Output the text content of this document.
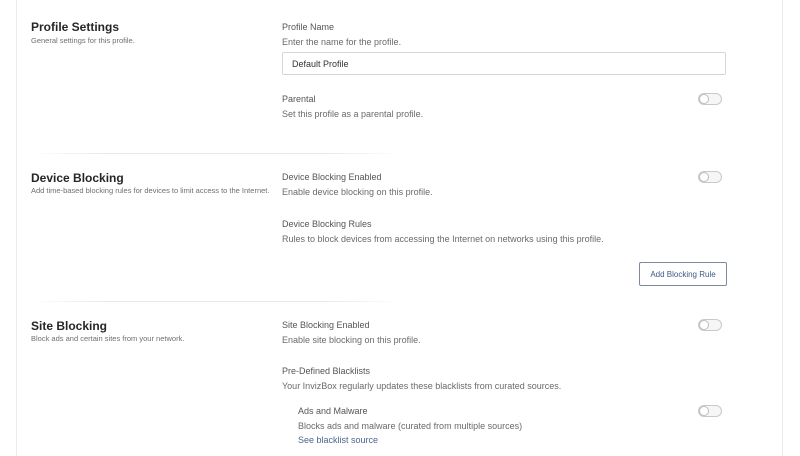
Profile Settings
General settings for this profile.
Profile Name
Enter the name for the profile.
Default Profile
Parental
Set this profile as a parental profile.
Device Blocking
Add time-based blocking rules for devices to limit access to the Internet.
Device Blocking Enabled
Enable device blocking on this profile.
Device Blocking Rules
Rules to block devices from accessing the Internet on networks using this profile.
Add Blocking Rule
Site Blocking
Block ads and certain sites from your network.
Site Blocking Enabled
Enable site blocking on this profile.
Pre-Defined Blacklists
Your InvizBox regularly updates these blacklists from curated sources.
Ads and Malware
Blocks ads and malware (curated from multiple sources)
See blacklist source
